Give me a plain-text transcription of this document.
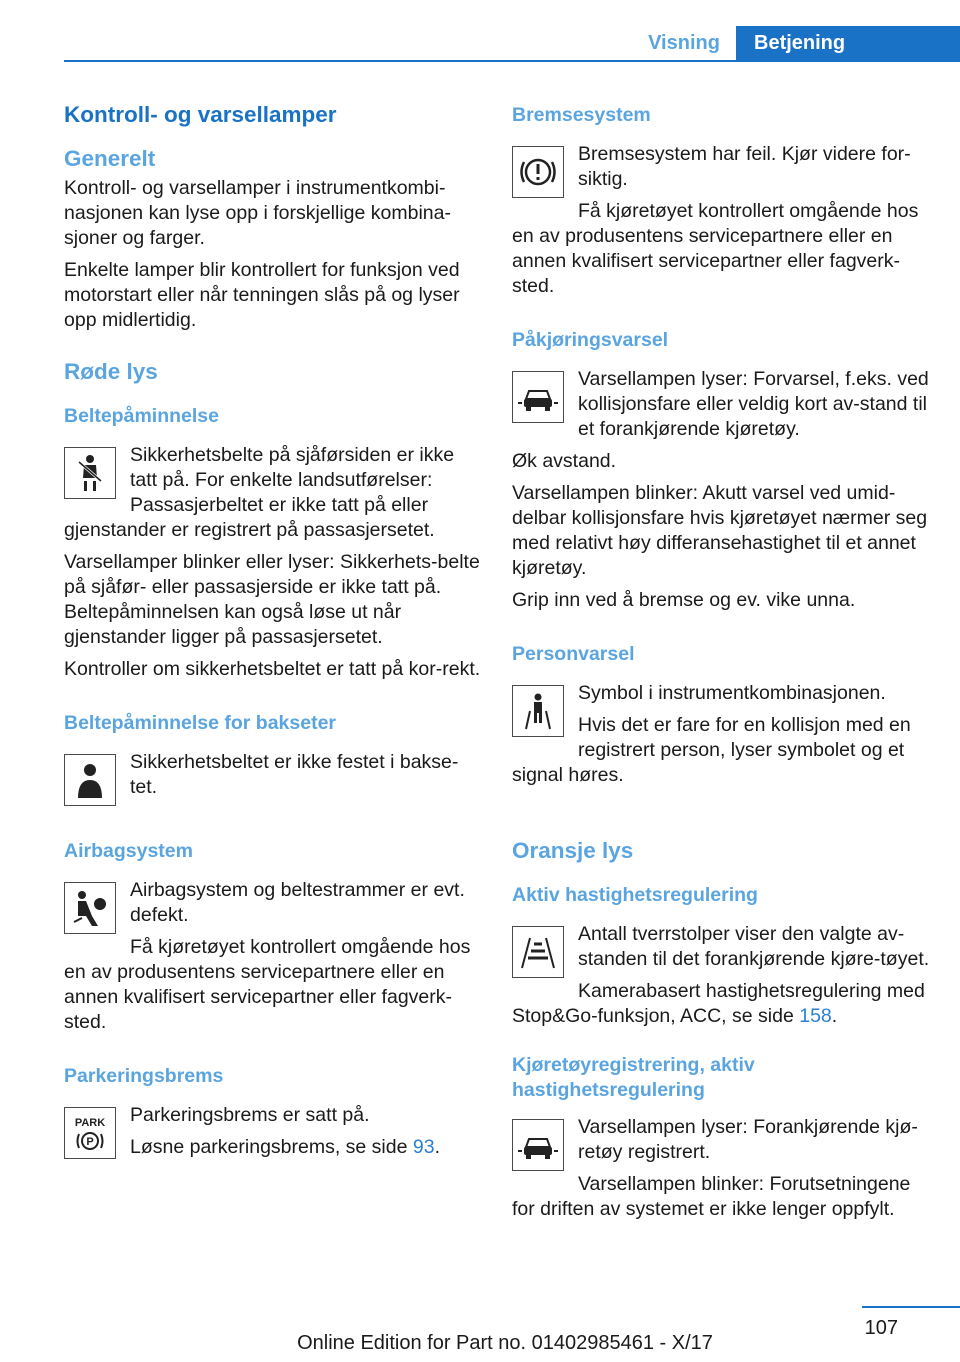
Visning	Betjening
Kontroll- og varsellamper
Generelt

Kontroll- og varsellamper i instrumentkombi-nasjonen kan lyse opp i forskjellige kombina-sjoner og farger.

Enkelte lamper blir kontrollert for funksjon ved motorstart eller når tenningen slås på og lyser opp midlertidig.

Røde lys
Beltepåminnelse

Sikkerhetsbelte på sjåførsiden er ikke tatt på. For enkelte landsutførelser: Passasjerbeltet er ikke tatt på eller gjenstander er registrert på passasjersetet.

Varsellamper blinker eller lyser: Sikkerhets-belte på sjåfør- eller passasjerside er ikke tatt på. Beltepåminnelsen kan også løse ut når gjenstander ligger på passasjersetet.

Kontroller om sikkerhetsbeltet er tatt på kor-rekt.

Beltepåminnelse for bakseter

Sikkerhetsbeltet er ikke festet i bakse-tet.

Airbagsystem

Airbagsystem og beltestrammer er evt. defekt.

Få kjøretøyet kontrollert omgående hos en av produsentens servicepartnere eller en annen kvalifisert servicepartner eller fagverk-sted.

Parkeringsbrems
PARK
P

Parkeringsbrems er satt på.

Løsne parkeringsbrems, se side 93.

Bremsesystem

Bremsesystem har feil. Kjør videre for-siktig.

Få kjøretøyet kontrollert omgående hos en av produsentens servicepartnere eller en annen kvalifisert servicepartner eller fagverk-sted.

Påkjøringsvarsel

Varsellampen lyser: Forvarsel, f.eks. ved kollisjonsfare eller veldig kort av-stand til et forankjørende kjøretøy.

Øk avstand.

Varsellampen blinker: Akutt varsel ved umid-delbar kollisjonsfare hvis kjøretøyet nærmer seg med relativt høy differansehastighet til et annet kjøretøy.

Grip inn ved å bremse og ev. vike unna.

Personvarsel

Symbol i instrumentkombinasjonen.

Hvis det er fare for en kollisjon med en registrert person, lyser symbolet og et signal høres.

Oransje lys
Aktiv hastighetsregulering

Antall tverrstolper viser den valgte av-standen til det forankjørende kjøre-tøyet.

Kamerabasert hastighetsregulering med Stop&Go-funksjon, ACC, se side 158.

Kjøretøyregistrering, aktiv hastighetsregulering

Varsellampen lyser: Forankjørende kjø-retøy registrert.

Varsellampen blinker: Forutsetningene for driften av systemet er ikke lenger oppfylt.

107
Online Edition for Part no. 01402985461 - X/17
